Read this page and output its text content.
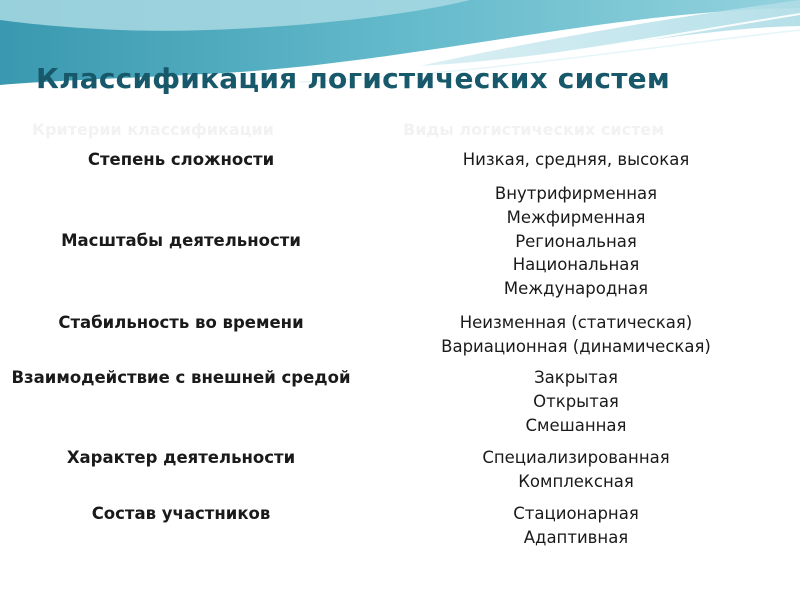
Классификация логистических систем
Критерии классификации	Виды логистических систем
Степень сложности	Низкая, средняя, высокая
Масштабы деятельности
Внутрифирменная
Межфирменная
Региональная
Национальная
Международная
Стабильность во времени	Неизменная (статическая)
Вариационная (динамическая)
Взаимодействие с внешней средой	Закрытая
Открытая
Смешанная
Характер деятельности	Специализированная
Комплексная
Состав участников	Стационарная
Адаптивная
